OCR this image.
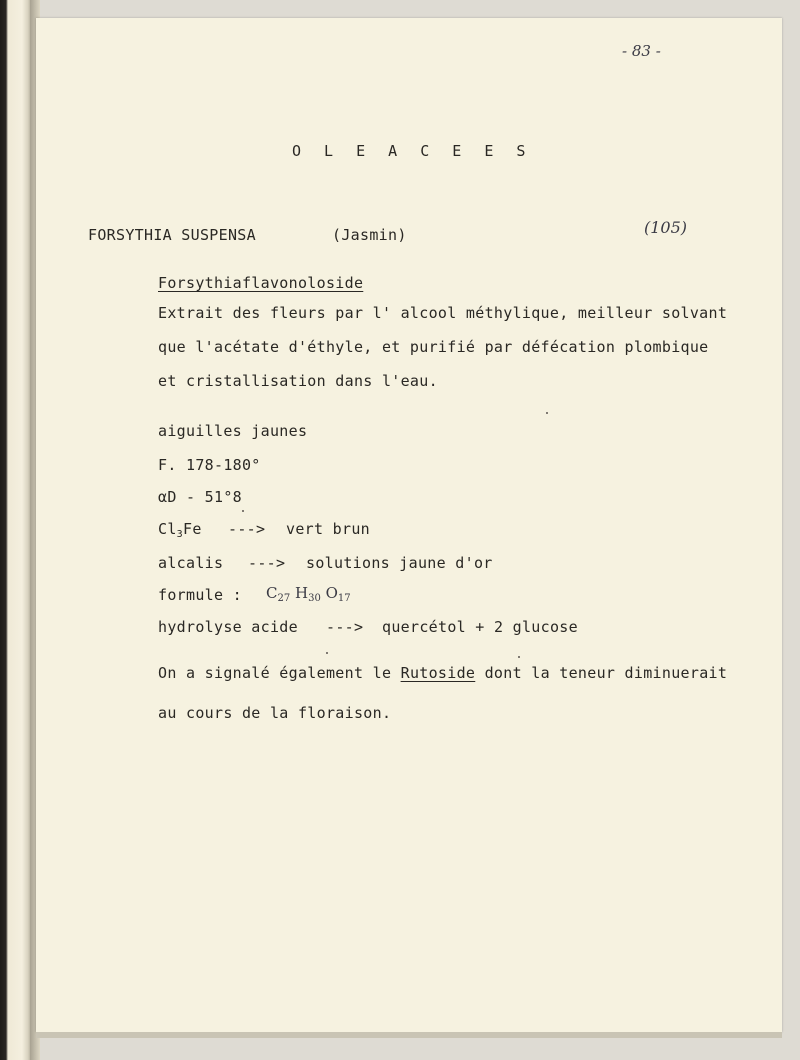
- 83 -
O L E A C E E S
FORSYTHIA SUSPENSA	(Jasmin)	(105)
Forsythiaflavonoloside
Extrait des fleurs par l' alcool méthylique, meilleur solvant
que l'acétate d'éthyle, et purifié par défécation plombique
et cristallisation dans l'eau.
aiguilles jaunes
F. 178-180°
αD - 51°8
$Cl_3Fe$ ---> vert brun
alcalis ---> solutions jaune d'or
formule : $C_{27}$ $H_{30}$ $O_{17}$
hydrolyse acide ---> quercétol + 2 glucose
On a signalé également le Rutoside dont la teneur diminuerait
au cours de la floraison.
